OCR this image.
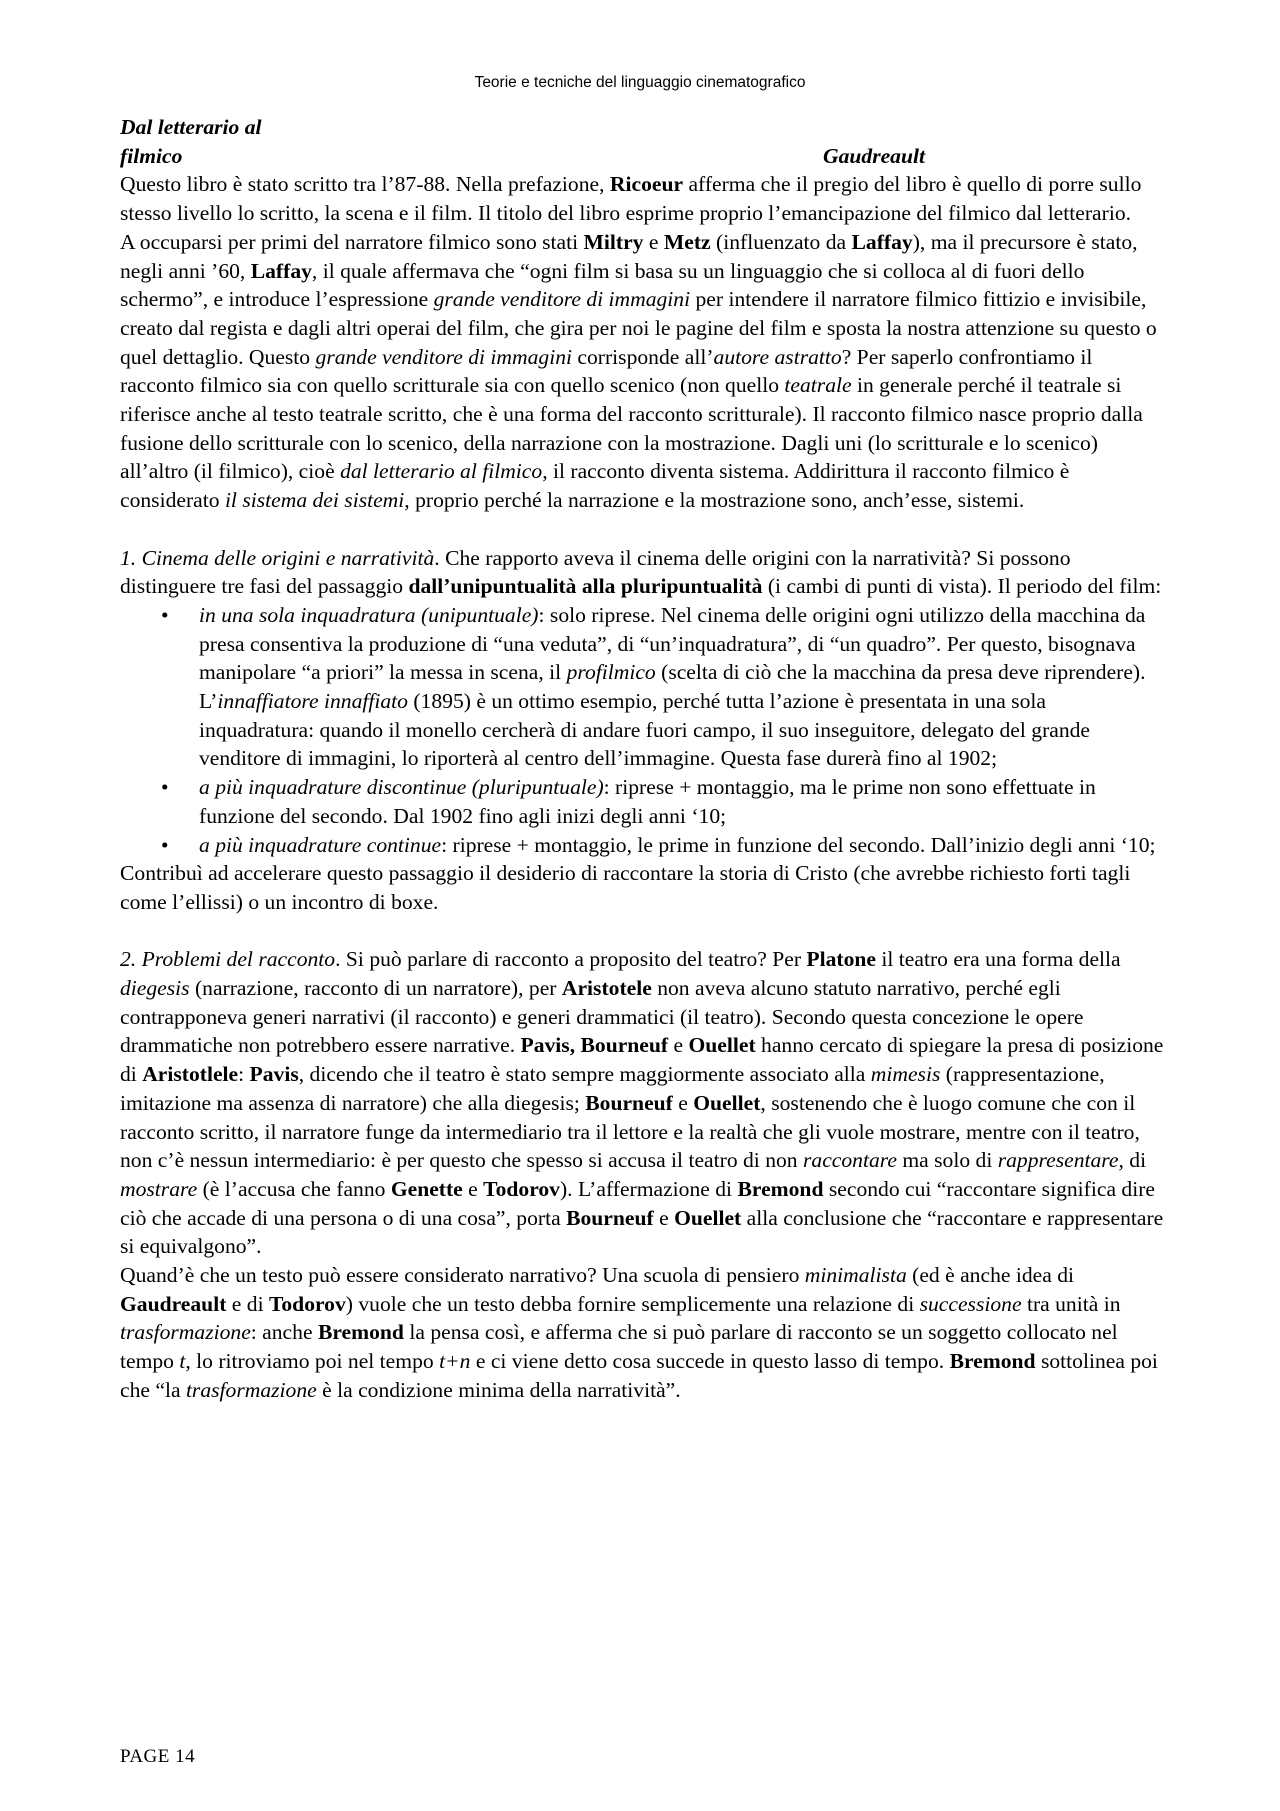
Teorie e tecniche del linguaggio cinematografico
Dal letterario al
filmico	Gaudreault

Questo libro è stato scritto tra l’87-88. Nella prefazione, Ricoeur afferma che il pregio del libro è quello di porre sullo stesso livello lo scritto, la scena e il film. Il titolo del libro esprime proprio l’emancipazione del filmico dal letterario.

A occuparsi per primi del narratore filmico sono stati Miltry e Metz (influenzato da Laffay), ma il precursore è stato, negli anni ’60, Laffay, il quale affermava che “ogni film si basa su un linguaggio che si colloca al di fuori dello schermo”, e introduce l’espressione grande venditore di immagini per intendere il narratore filmico fittizio e invisibile, creato dal regista e dagli altri operai del film, che gira per noi le pagine del film e sposta la nostra attenzione su questo o quel dettaglio. Questo grande venditore di immagini corrisponde all’autore astratto? Per saperlo confrontiamo il racconto filmico sia con quello scritturale sia con quello scenico (non quello teatrale in generale perché il teatrale si riferisce anche al testo teatrale scritto, che è una forma del racconto scritturale). Il racconto filmico nasce proprio dalla fusione dello scritturale con lo scenico, della narrazione con la mostrazione. Dagli uni (lo scritturale e lo scenico) all’altro (il filmico), cioè dal letterario al filmico, il racconto diventa sistema. Addirittura il racconto filmico è considerato il sistema dei sistemi, proprio perché la narrazione e la mostrazione sono, anch’esse, sistemi.

1. Cinema delle origini e narratività. Che rapporto aveva il cinema delle origini con la narratività? Si possono distinguere tre fasi del passaggio dall’unipuntualità alla pluripuntualità (i cambi di punti di vista). Il periodo del film:

• in una sola inquadratura (unipuntuale): solo riprese. Nel cinema delle origini ogni utilizzo della macchina da presa consentiva la produzione di “una veduta”, di “un’inquadratura”, di “un quadro”. Per questo, bisognava manipolare “a priori” la messa in scena, il profilmico (scelta di ciò che la macchina da presa deve riprendere). L’innaffiatore innaffiato (1895) è un ottimo esempio, perché tutta l’azione è presentata in una sola inquadratura: quando il monello cercherà di andare fuori campo, il suo inseguitore, delegato del grande venditore di immagini, lo riporterà al centro dell’immagine. Questa fase durerà fino al 1902;
• a più inquadrature discontinue (pluripuntuale): riprese + montaggio, ma le prime non sono effettuate in funzione del secondo. Dal 1902 fino agli inizi degli anni ‘10;
• a più inquadrature continue: riprese + montaggio, le prime in funzione del secondo. Dall’inizio degli anni ‘10;

Contribuì ad accelerare questo passaggio il desiderio di raccontare la storia di Cristo (che avrebbe richiesto forti tagli come l’ellissi) o un incontro di boxe.

2. Problemi del racconto. Si può parlare di racconto a proposito del teatro? Per Platone il teatro era una forma della diegesis (narrazione, racconto di un narratore), per Aristotele non aveva alcuno statuto narrativo, perché egli contrapponeva generi narrativi (il racconto) e generi drammatici (il teatro). Secondo questa concezione le opere drammatiche non potrebbero essere narrative. Pavis, Bourneuf e Ouellet hanno cercato di spiegare la presa di posizione di Aristotlele: Pavis, dicendo che il teatro è stato sempre maggiormente associato alla mimesis (rappresentazione, imitazione ma assenza di narratore) che alla diegesis; Bourneuf e Ouellet, sostenendo che è luogo comune che con il racconto scritto, il narratore funge da intermediario tra il lettore e la realtà che gli vuole mostrare, mentre con il teatro, non c’è nessun intermediario: è per questo che spesso si accusa il teatro di non raccontare ma solo di rappresentare, di mostrare (è l’accusa che fanno Genette e Todorov). L’affermazione di Bremond secondo cui “raccontare significa dire ciò che accade di una persona o di una cosa”, porta Bourneuf e Ouellet alla conclusione che “raccontare e rappresentare si equivalgono”.

Quand’è che un testo può essere considerato narrativo? Una scuola di pensiero minimalista (ed è anche idea di Gaudreault e di Todorov) vuole che un testo debba fornire semplicemente una relazione di successione tra unità in trasformazione: anche Bremond la pensa così, e afferma che si può parlare di racconto se un soggetto collocato nel tempo t, lo ritroviamo poi nel tempo t+n e ci viene detto cosa succede in questo lasso di tempo. Bremond sottolinea poi che “la trasformazione è la condizione minima della narratività”.

PAGE 14
